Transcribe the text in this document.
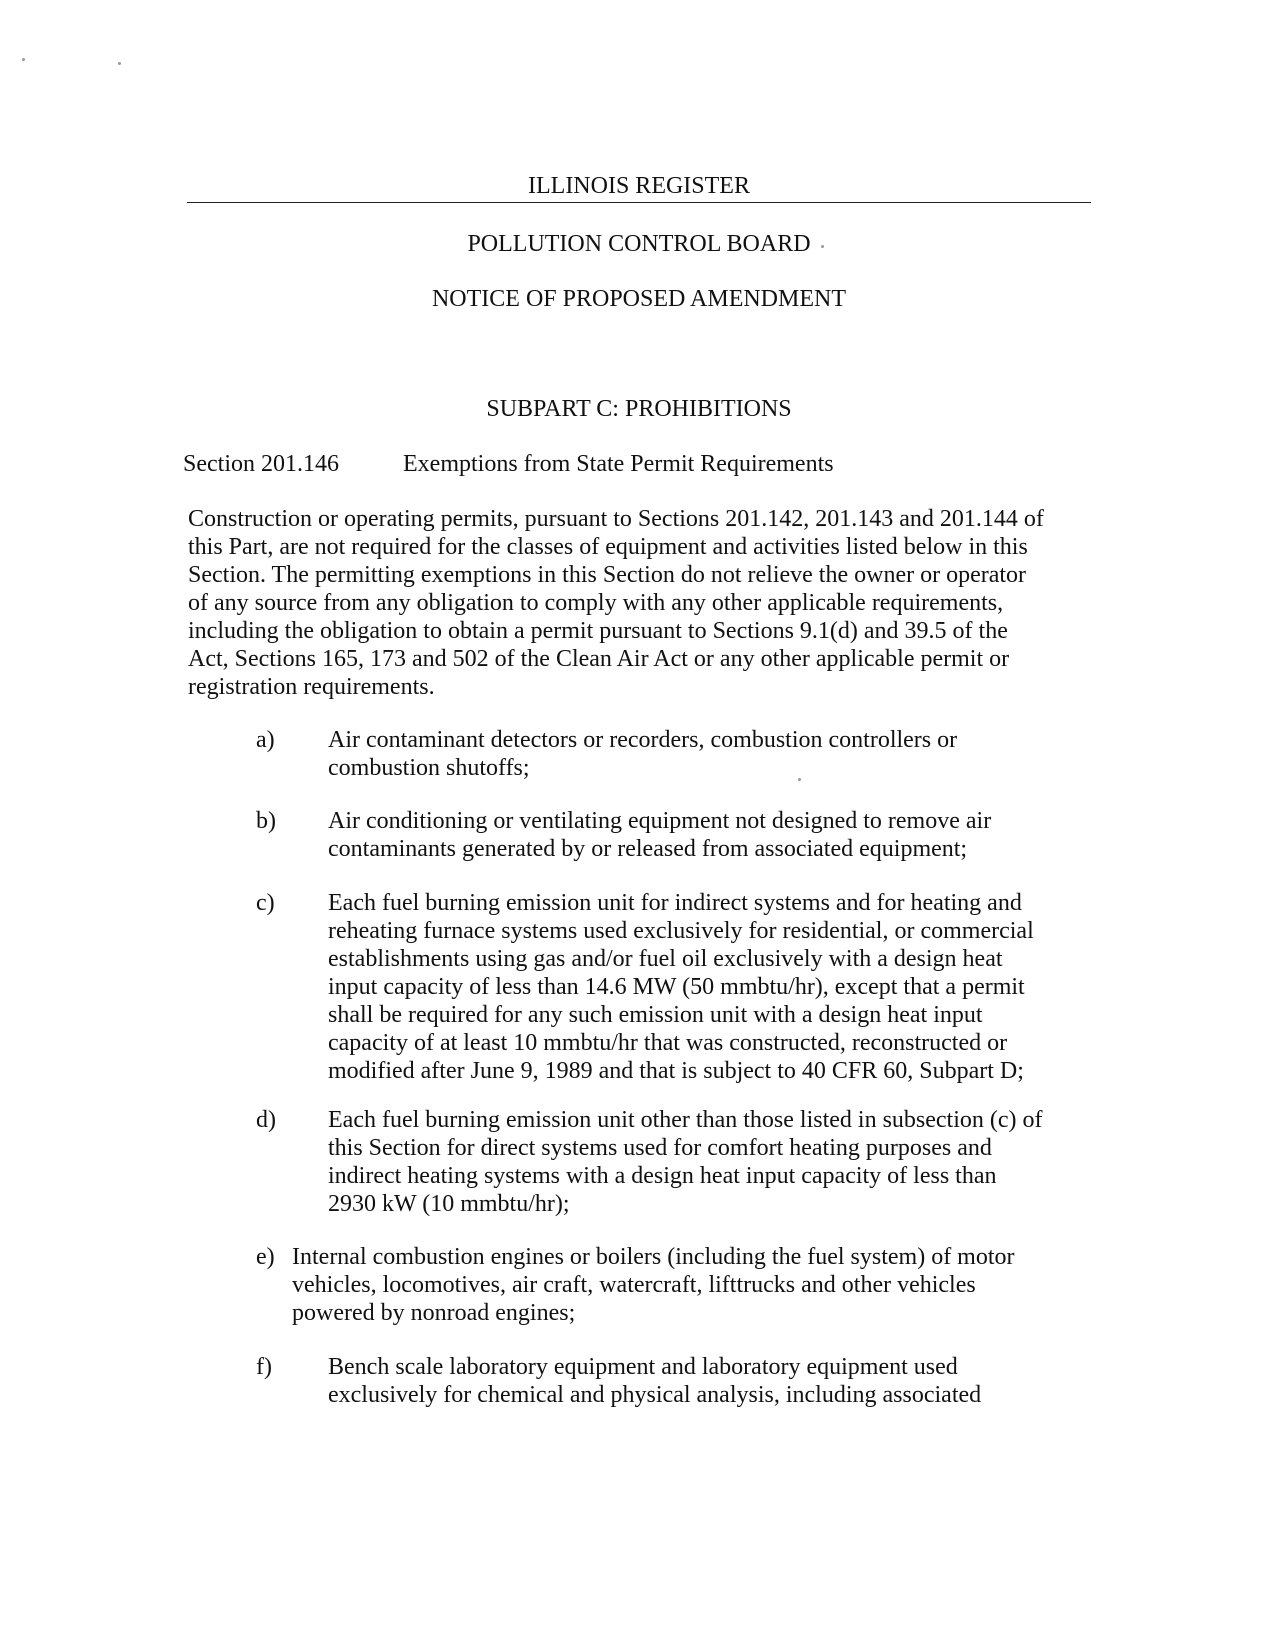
ILLINOIS REGISTER
POLLUTION CONTROL BOARD
NOTICE OF PROPOSED AMENDMENT
SUBPART C: PROHIBITIONS
Section 201.146	Exemptions from State Permit Requirements
Construction or operating permits, pursuant to Sections 201.142, 201.143 and 201.144 of
this Part, are not required for the classes of equipment and activities listed below in this
Section. The permitting exemptions in this Section do not relieve the owner or operator
of any source from any obligation to comply with any other applicable requirements,
including the obligation to obtain a permit pursuant to Sections 9.1(d) and 39.5 of the
Act, Sections 165, 173 and 502 of the Clean Air Act or any other applicable permit or
registration requirements.
a) Air contaminant detectors or recorders, combustion controllers or
combustion shutoffs;
b) Air conditioning or ventilating equipment not designed to remove air
contaminants generated by or released from associated equipment;
c) Each fuel burning emission unit for indirect systems and for heating and
reheating furnace systems used exclusively for residential, or commercial
establishments using gas and/or fuel oil exclusively with a design heat
input capacity of less than 14.6 MW (50 mmbtu/hr), except that a permit
shall be required for any such emission unit with a design heat input
capacity of at least 10 mmbtu/hr that was constructed, reconstructed or
modified after June 9, 1989 and that is subject to 40 CFR 60, Subpart D;
d) Each fuel burning emission unit other than those listed in subsection (c) of
this Section for direct systems used for comfort heating purposes and
indirect heating systems with a design heat input capacity of less than
2930 kW (10 mmbtu/hr);
e) Internal combustion engines or boilers (including the fuel system) of motor
vehicles, locomotives, air craft, watercraft, lifttrucks and other vehicles
powered by nonroad engines;
f) Bench scale laboratory equipment and laboratory equipment used
exclusively for chemical and physical analysis, including associated
